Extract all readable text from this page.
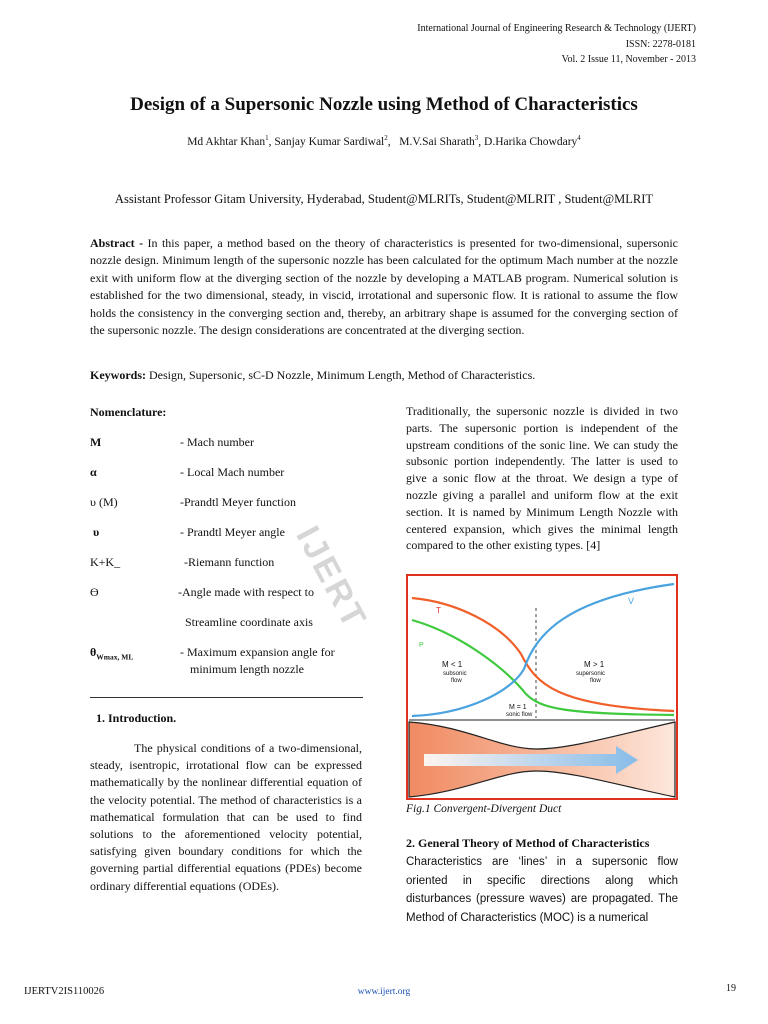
International Journal of Engineering Research & Technology (IJERT)
ISSN: 2278-0181
Vol. 2 Issue 11, November - 2013
Design of a Supersonic Nozzle using Method of Characteristics
Md Akhtar Khan$^1$, Sanjay Kumar Sardiwal$^2$,   M.V.Sai Sharath$^3$, D.Harika Chowdary$^4$
Assistant Professor Gitam University, Hyderabad, Student@MLRITs, Student@MLRIT , Student@MLRIT
Abstract - In this paper, a method based on the theory of characteristics is presented for two-dimensional, supersonic nozzle design. Minimum length of the supersonic nozzle has been calculated for the optimum Mach number at the nozzle exit with uniform flow at the diverging section of the nozzle by developing a MATLAB program. Numerical solution is established for the two dimensional, steady, in viscid, irrotational and supersonic flow. It is rational to assume the flow holds the consistency in the converging section and, thereby, an arbitrary shape is assumed for the converging section of the supersonic nozzle. The design considerations are concentrated at the diverging section.
Keywords: Design, Supersonic, sC-D Nozzle, Minimum Length, Method of Characteristics.
Nomenclature:
M	- Mach number
α	- Local Mach number
υ (M)	-Prandtl Meyer function
υ	- Prandtl Meyer angle
K+K_	-Riemann function
ϴ	-Angle made with respect to
Streamline coordinate axis
$\theta_{Wmax, ML}$	- Maximum expansion angle for
minimum length nozzle
1. Introduction.
The physical conditions of a two-dimensional, steady, isentropic, irrotational flow can be expressed mathematically by the nonlinear differential equation of the velocity potential. The method of characteristics is a mathematical formulation that can be used to find solutions to the aforementioned velocity potential, satisfying given boundary conditions for which the governing partial differential equations (PDEs) become ordinary differential equations (ODEs).
IJERT
Traditionally, the supersonic nozzle is divided in two parts. The supersonic portion is independent of the upstream conditions of the sonic line. We can study the subsonic portion independently. The latter is used to give a sonic flow at the throat. We design a type of nozzle giving a parallel and uniform flow at the exit section. It is named by Minimum Length Nozzle with centered expansion, which gives the minimal length compared to the other existing types. [4]
T
P
V
M < 1
subsonic
flow
M > 1
supersonic
flow
M = 1
sonic flow
Fig.1 Convergent-Divergent Duct
2. General Theory of Method of Characteristics
Characteristics are ‘lines’ in a supersonic flow oriented in specific directions along which disturbances (pressure waves) are propagated. The Method of Characteristics (MOC) is a numerical
IJERTV2IS110026	www.ijert.org	19
